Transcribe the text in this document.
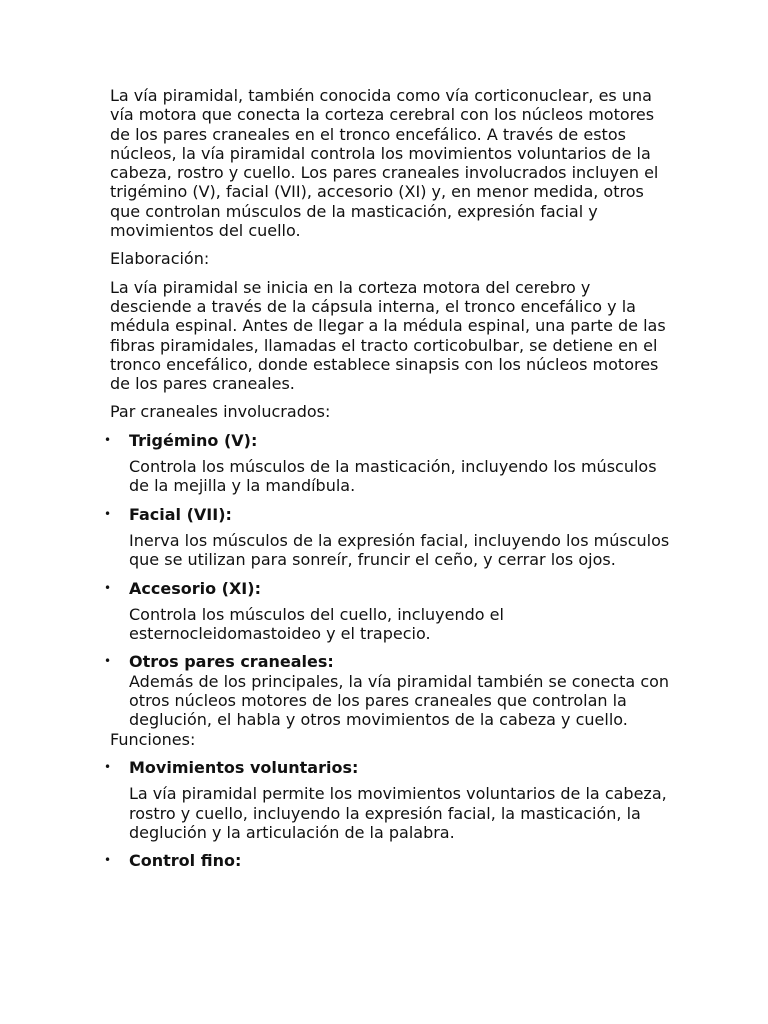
La vía piramidal, también conocida como vía corticonuclear, es una vía motora que conecta la corteza cerebral con los núcleos motores de los pares craneales en el tronco encefálico. A través de estos núcleos, la vía piramidal controla los movimientos voluntarios de la cabeza, rostro y cuello. Los pares craneales involucrados incluyen el trigémino (V), facial (VII), accesorio (XI) y, en menor medida, otros que controlan músculos de la masticación, expresión facial y movimientos del cuello.

Elaboración:

La vía piramidal se inicia en la corteza motora del cerebro y desciende a través de la cápsula interna, el tronco encefálico y la médula espinal. Antes de llegar a la médula espinal, una parte de las fibras piramidales, llamadas el tracto corticobulbar, se detiene en el tronco encefálico, donde establece sinapsis con los núcleos motores de los pares craneales.

Par craneales involucrados:

• Trigémino (V):
Controla los músculos de la masticación, incluyendo los músculos de la mejilla y la mandíbula.
• Facial (VII):
Inerva los músculos de la expresión facial, incluyendo los músculos que se utilizan para sonreír, fruncir el ceño, y cerrar los ojos.
• Accesorio (XI):
Controla los músculos del cuello, incluyendo el esternocleidomastoideo y el trapecio.
• Otros pares craneales:
Además de los principales, la vía piramidal también se conecta con otros núcleos motores de los pares craneales que controlan la deglución, el habla y otros movimientos de la cabeza y cuello.

Funciones:

• Movimientos voluntarios:
La vía piramidal permite los movimientos voluntarios de la cabeza, rostro y cuello, incluyendo la expresión facial, la masticación, la deglución y la articulación de la palabra.
• Control fino:
